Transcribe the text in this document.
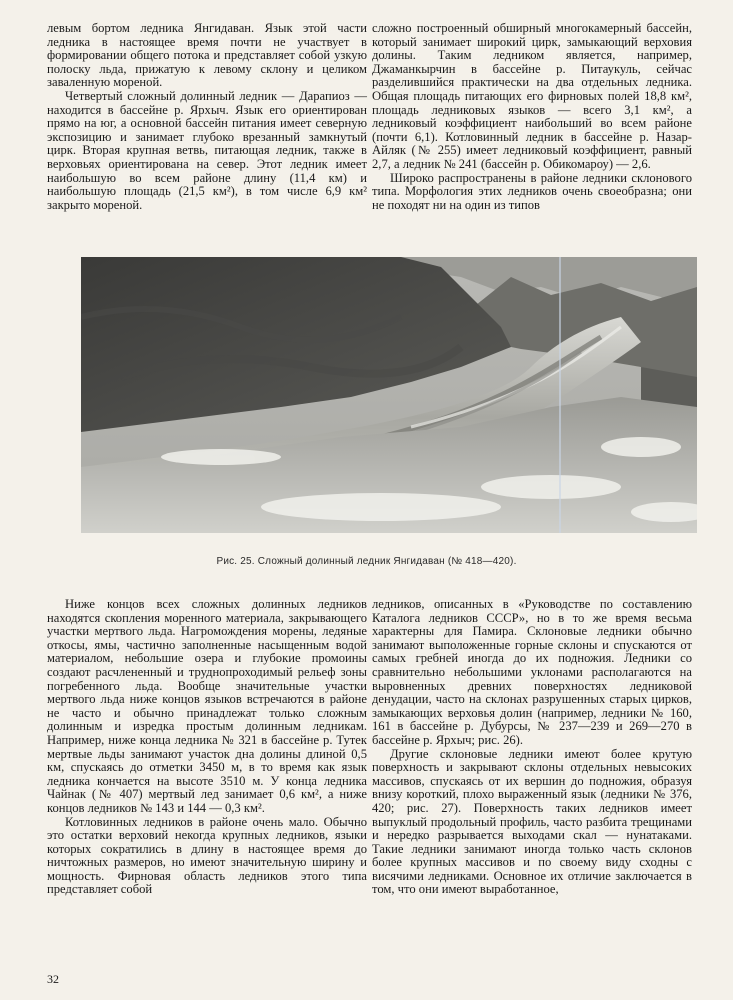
левым бортом ледника Янгидаван. Язык этой части ледника в настоящее время почти не участвует в формировании общего потока и представляет собой узкую полоску льда, прижатую к левому склону и целиком заваленную мореной.

Четвертый сложный долинный ледник — Дарапиоз — находится в бассейне р. Ярхыч. Язык его ориентирован прямо на юг, а основной бассейн питания имеет северную экспозицию и занимает глубоко врезанный замкнутый цирк. Вторая крупная ветвь, питающая ледник, также в верховьях ориентирована на север. Этот ледник имеет наибольшую во всем районе длину (11,4 км) и наибольшую площадь (21,5 км²), в том числе 6,9 км² закрыто мореной.

сложно построенный обширный многокамерный бассейн, который занимает широкий цирк, замыкающий верховия долины. Таким ледником является, например, Джаманкырчин в бассейне р. Питаукуль, сейчас разделившийся практически на два отдельных ледника. Общая площадь питающих его фирновых полей 18,8 км², площадь ледниковых языков — всего 3,1 км², а ледниковый коэффициент наибольший во всем районе (почти 6,1). Котловинный ледник в бассейне р. Назар-Айляк (№ 255) имеет ледниковый коэффициент, равный 2,7, а ледник № 241 (бассейн р. Обикомароу) — 2,6.

Широко распространены в районе ледники склонового типа. Морфология этих ледников очень своеобразна; они не походят ни на один из типов

Рис. 25. Сложный долинный ледник Янгидаван (№ 418—420).

Ниже концов всех сложных долинных ледников находятся скопления моренного материала, закрывающего участки мертвого льда. Нагромождения морены, ледяные откосы, ямы, частично заполненные насыщенным водой материалом, небольшие озера и глубокие промоины создают расчлененный и труднопроходимый рельеф зоны погребенного льда. Вообще значительные участки мертвого льда ниже концов языков встречаются в районе не часто и обычно принадлежат только сложным долинным и изредка простым долинным ледникам. Например, ниже конца ледника № 321 в бассейне р. Тутек мертвые льды занимают участок дна долины длиной 0,5 км, спускаясь до отметки 3450 м, в то время как язык ледника кончается на высоте 3510 м. У конца ледника Чайнак (№ 407) мертвый лед занимает 0,6 км², а ниже концов ледников № 143 и 144 — 0,3 км².

Котловинных ледников в районе очень мало. Обычно это остатки верховий некогда крупных ледников, языки которых сократились в длину в настоящее время до ничтожных размеров, но имеют значительную ширину и мощность. Фирновая область ледников этого типа представляет собой

ледников, описанных в «Руководстве по составлению Каталога ледников СССР», но в то же время весьма характерны для Памира. Склоновые ледники обычно занимают выположенные горные склоны и спускаются от самых гребней иногда до их подножия. Ледники со сравнительно небольшими уклонами располагаются на выровненных древних поверхностях ледниковой денудации, часто на склонах разрушенных старых цирков, замыкающих верховья долин (например, ледники № 160, 161 в бассейне р. Дубурсы, № 237—239 и 269—270 в бассейне р. Ярхыч; рис. 26).

Другие склоновые ледники имеют более крутую поверхность и закрывают склоны отдельных невысоких массивов, спускаясь от их вершин до подножия, образуя внизу короткий, плохо выраженный язык (ледники № 376, 420; рис. 27). Поверхность таких ледников имеет выпуклый продольный профиль, часто разбита трещинами и нередко разрывается выходами скал — нунатаками. Такие ледники занимают иногда только часть склонов более крупных массивов и по своему виду сходны с висячими ледниками. Основное их отличие заключается в том, что они имеют выработанное,

32
